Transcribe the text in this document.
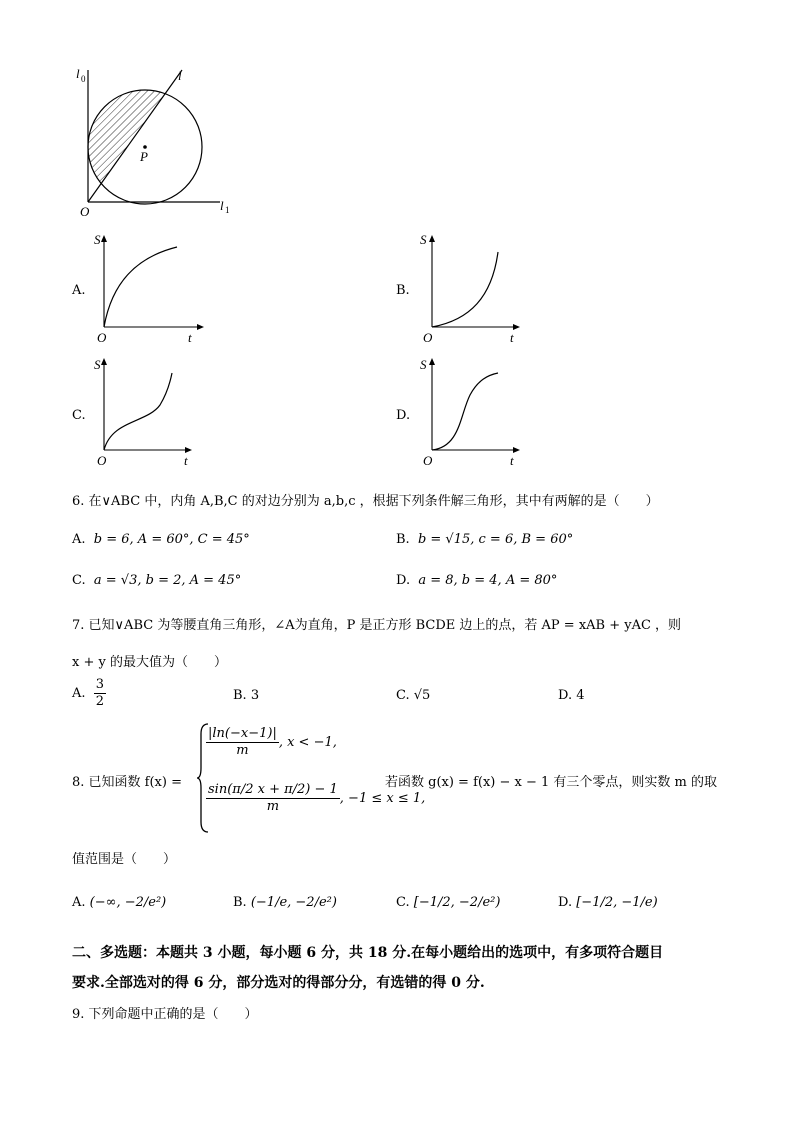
P
l 0	l
l 1
O
A.
S
O	t
B.
S
O	t
C.
S
O	t
D.
S
O	t
6. 在∨ABC 中，内角 A,B,C 的对边分别为 a,b,c ，根据下列条件解三角形，其中有两解的是（　　）
A. b = 6, A = 60°, C = 45°	B. b = √15, c = 6, B = 60°
C. a = √3, b = 2, A = 45°	D. a = 8, b = 4, A = 80°
7. 已知∨ABC 为等腰直角三角形，∠A为直角，P 是正方形 BCDE 边上的点，若 AP = xAB + yAC ，则
x + y 的最大值为（　　）
A. $\frac{3}{2}$	B. 3	C. √5	D. 4
8. 已知函数 f(x) =
$\frac{|\ln(-x-1)|}{m}$ , x < −1,
$\frac{\sin(\pi/2 x + \pi/2) - 1}{m}$ , −1 ≤ x ≤ 1,
若函数 g(x) = f(x) − x − 1 有三个零点，则实数 m 的取
值范围是（　　）
A. (−∞, −2/e²)	B. (−1/e, −2/e²)	C. [−1/2, −2/e²)	D. [−1/2, −1/e)
二、多选题：本题共 3 小题，每小题 6 分，共 18 分.在每小题给出的选项中，有多项符合题目
要求.全部选对的得 6 分，部分选对的得部分分，有选错的得 0 分.
9. 下列命题中正确的是（　　）
